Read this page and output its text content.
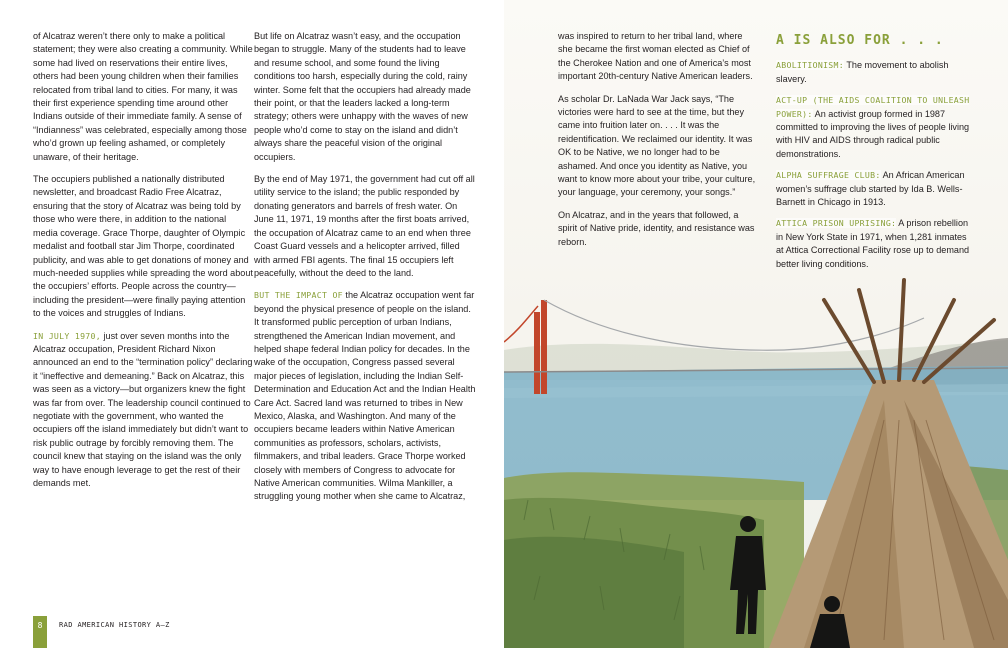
of Alcatraz weren’t there only to make a political statement; they were also creating a community. While some had lived on reservations their entire lives, others had been young children when their families relocated from tribal land to cities. For many, it was their first experience spending time around other Indians outside of their immediate family. A sense of “Indianness” was celebrated, especially among those who’d grown up feeling ashamed, or completely unaware, of their heritage.

The occupiers published a nationally distributed newsletter, and broadcast Radio Free Alcatraz, ensuring that the story of Alcatraz was being told by those who were there, in addition to the national media coverage. Grace Thorpe, daughter of Olympic medalist and football star Jim Thorpe, coordinated publicity, and was able to get donations of money and much-needed supplies while spreading the word about the occupiers’ efforts. People across the country—including the president—were finally paying attention to the voices and struggles of Indians.

IN JULY 1970, just over seven months into the Alcatraz occupation, President Richard Nixon announced an end to the “termination policy” declaring it “ineffective and demeaning.” Back on Alcatraz, this was seen as a victory—but organizers knew the fight was far from over. The leadership council continued to negotiate with the government, who wanted the occupiers off the island immediately but didn’t want to risk public outrage by forcibly removing them. The council knew that staying on the island was the only way to have enough leverage to get the rest of their demands met.

But life on Alcatraz wasn’t easy, and the occupation began to struggle. Many of the students had to leave and resume school, and some found the living conditions too harsh, especially during the cold, rainy winter. Some felt that the occupiers had already made their point, or that the leaders lacked a long-term strategy; others were unhappy with the waves of new people who’d come to stay on the island and didn’t always share the peaceful vision of the original occupiers.

By the end of May 1971, the government had cut off all utility service to the island; the public responded by donating generators and barrels of fresh water. On June 11, 1971, 19 months after the first boats arrived, the occupation of Alcatraz came to an end when three Coast Guard vessels and a helicopter arrived, filled with armed FBI agents. The final 15 occupiers left peacefully, without the deed to the land.

BUT THE IMPACT OF the Alcatraz occupation went far beyond the physical presence of people on the island. It transformed public perception of urban Indians, strengthened the American Indian movement, and helped shape federal Indian policy for decades. In the wake of the occupation, Congress passed several major pieces of legislation, including the Indian Self-Determination and Education Act and the Indian Health Care Act. Sacred land was returned to tribes in New Mexico, Alaska, and Washington. And many of the occupiers became leaders within Native American communities as professors, scholars, activists, filmmakers, and tribal leaders. Grace Thorpe worked closely with members of Congress to advocate for Native American communities. Wilma Mankiller, a struggling young mother when she came to Alcatraz,

was inspired to return to her tribal land, where she became the first woman elected as Chief of the Cherokee Nation and one of America’s most important 20th-century Native American leaders.

As scholar Dr. LaNada War Jack says, “The victories were hard to see at the time, but they came into fruition later on. . . . It was the reidentification. We reclaimed our identity. It was OK to be Native, we no longer had to be ashamed. And once you identity as Native, you want to know more about your tribe, your culture, your language, your ceremony, your songs.”

On Alcatraz, and in the years that followed, a spirit of Native pride, identity, and resistance was reborn.

A IS ALSO FOR . . .
ABOLITIONISM: The movement to abolish slavery.
ACT-UP (THE AIDS COALITION TO UNLEASH POWER): An activist group formed in 1987 committed to improving the lives of people living with HIV and AIDS through radical public demonstrations.
ALPHA SUFFRAGE CLUB: An African American women’s suffrage club started by Ida B. Wells-Barnett in Chicago in 1913.
ATTICA PRISON UPRISING: A prison rebellion in New York State in 1971, when 1,281 inmates at Attica Correctional Facility rose up to demand better living conditions.
8	RAD AMERICAN HISTORY A–Z
